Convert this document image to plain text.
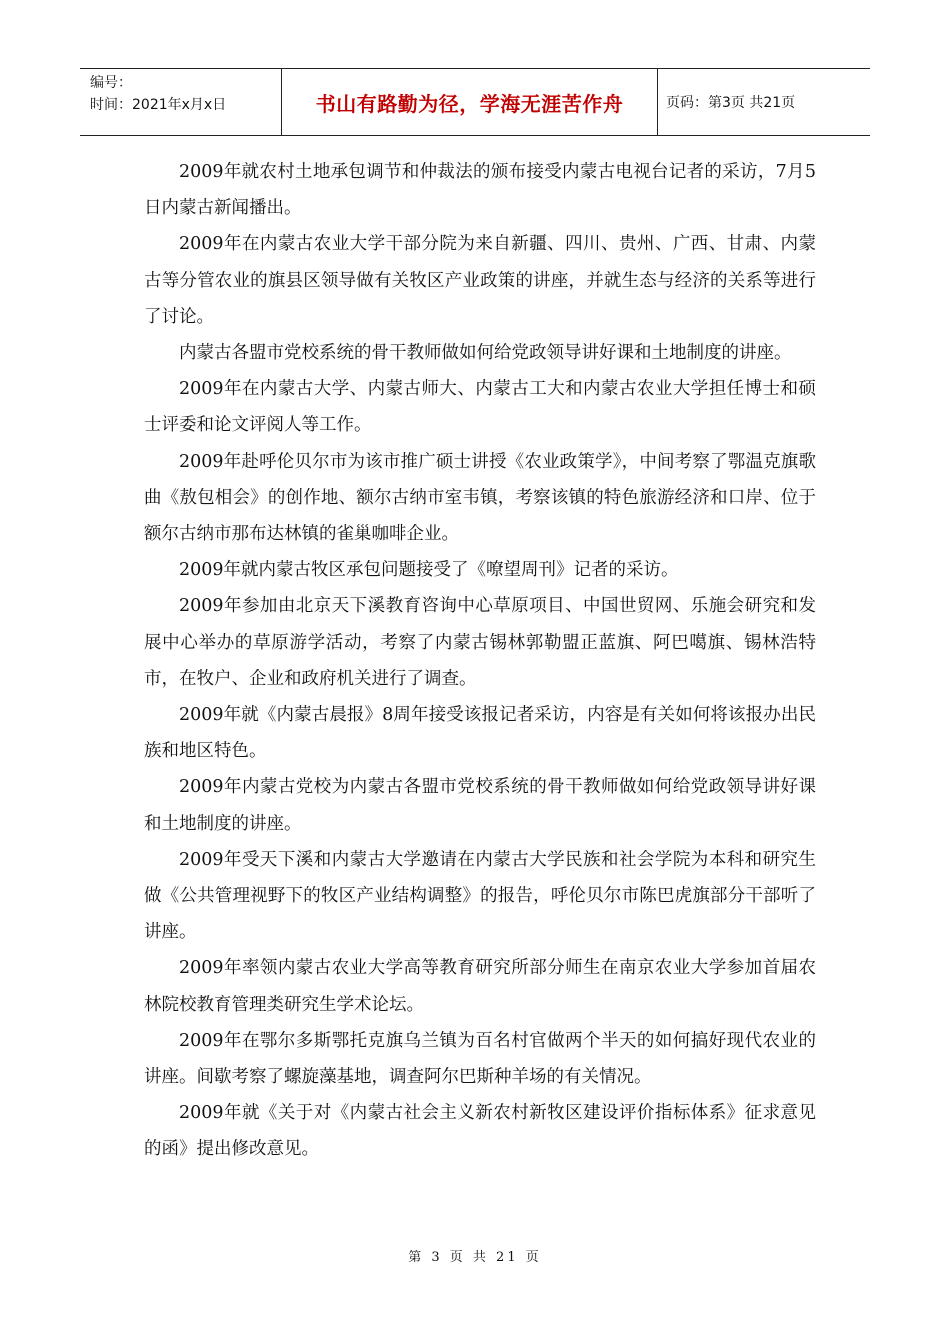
编号：
时间：2021年x月x日	书山有路勤为径，学海无涯苦作舟	页码：第3页 共21页

2009年就农村土地承包调节和仲裁法的颁布接受内蒙古电视台记者的采访，7月5日内蒙古新闻播出。

2009年在内蒙古农业大学干部分院为来自新疆、四川、贵州、广西、甘肃、内蒙古等分管农业的旗县区领导做有关牧区产业政策的讲座，并就生态与经济的关系等进行了讨论。

内蒙古各盟市党校系统的骨干教师做如何给党政领导讲好课和土地制度的讲座。

2009年在内蒙古大学、内蒙古师大、内蒙古工大和内蒙古农业大学担任博士和硕士评委和论文评阅人等工作。

2009年赴呼伦贝尔市为该市推广硕士讲授《农业政策学》，中间考察了鄂温克旗歌曲《敖包相会》的创作地、额尔古纳市室韦镇，考察该镇的特色旅游经济和口岸、位于额尔古纳市那布达林镇的雀巢咖啡企业。

2009年就内蒙古牧区承包问题接受了《嘹望周刊》记者的采访。

2009年参加由北京天下溪教育咨询中心草原项目、中国世贸网、乐施会研究和发展中心举办的草原游学活动，考察了内蒙古锡林郭勒盟正蓝旗、阿巴噶旗、锡林浩特市，在牧户、企业和政府机关进行了调查。

2009年就《内蒙古晨报》8周年接受该报记者采访，内容是有关如何将该报办出民族和地区特色。

2009年内蒙古党校为内蒙古各盟市党校系统的骨干教师做如何给党政领导讲好课和土地制度的讲座。

2009年受天下溪和内蒙古大学邀请在内蒙古大学民族和社会学院为本科和研究生做《公共管理视野下的牧区产业结构调整》的报告，呼伦贝尔市陈巴虎旗部分干部听了讲座。

2009年率领内蒙古农业大学高等教育研究所部分师生在南京农业大学参加首届农林院校教育管理类研究生学术论坛。

2009年在鄂尔多斯鄂托克旗乌兰镇为百名村官做两个半天的如何搞好现代农业的讲座。间歇考察了螺旋藻基地，调查阿尔巴斯种羊场的有关情况。

2009年就《关于对《内蒙古社会主义新农村新牧区建设评价指标体系》征求意见的函》提出修改意见。

第 3 页 共 21 页
